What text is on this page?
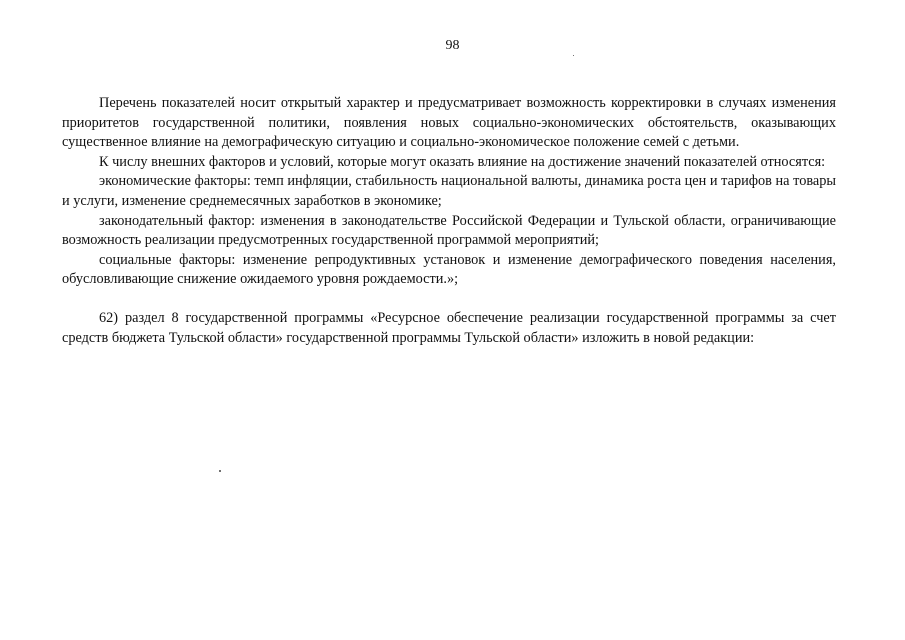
98

Перечень показателей носит открытый характер и предусматривает возможность корректировки в случаях изменения приоритетов государственной политики, появления новых социально-экономических обстоятельств, оказывающих существенное влияние на демографическую ситуацию и социально-экономическое положение семей с детьми.

К числу внешних факторов и условий, которые могут оказать влияние на достижение значений показателей относятся:

экономические факторы: темп инфляции, стабильность национальной валюты, динамика роста цен и тарифов на товары и услуги, изменение среднемесячных заработков в экономике;

законодательный фактор: изменения в законодательстве Российской Федерации и Тульской области, ограничивающие возможность реализации предусмотренных государственной программой мероприятий;

социальные факторы: изменение репродуктивных установок и изменение демографического поведения населения, обусловливающие снижение ожидаемого уровня рождаемости.»;

62) раздел 8 государственной программы «Ресурсное обеспечение реализации государственной программы за счет средств бюджета Тульской области» государственной программы Тульской области» изложить в новой редакции:
